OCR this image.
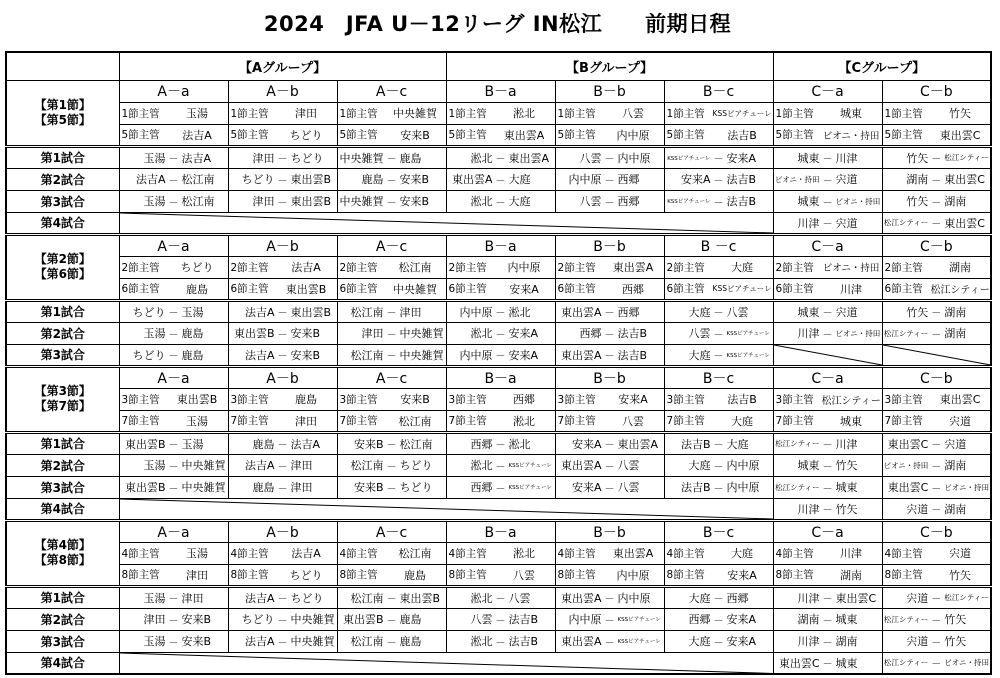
2024　JFA U－12リーグ IN松江　　前期日程
	【Aグループ】			【Bグループ】			【Cグループ】	

【第1節】
【第5節】	A－a	A－b	A－c	B－a	B－b	B－c	C－a	C－b

	1節主管 玉湯	1節主管 津田	1節主管 中央雑賀	1節主管 淞北	1節主管 八雲	1節主管 KSSビアチューレ	1節主管 城東	1節主管 竹矢

	5節主管 法吉A	5節主管 ちどり	5節主管 安来B	5節主管 東出雲A	5節主管 内中原	5節主管 法吉B	5節主管 ビオニ・持田	5節主管 東出雲C

第1試合	玉湯 － 法吉A	津田 － ちどり	中央雑賀 － 鹿島	淞北 － 東出雲A	八雲 － 内中原	KSSビアチューレ － 安来A	城東 － 川津	竹矢 － 松江シティー

第2試合	法吉A － 松江南	ちどり － 東出雲B	鹿島 － 安来B	東出雲A － 大庭	内中原 － 西郷	安来A － 法吉B	ビオニ・持田 － 宍道	湖南 － 東出雲C

第3試合	玉湯 － 松江南	津田 － 東出雲B	中央雑賀 － 安来B	淞北 － 大庭	八雲 － 西郷	KSSビアチューレ － 法吉B	城東 － ビオニ・持田	竹矢 － 湖南

第4試合							川津 － 宍道	松江シティー － 東出雲C

【第2節】
【第6節】	A－a	A－b	A－c	B－a	B－b	B －c	C－a	C－b

	2節主管 ちどり	2節主管 法吉A	2節主管 松江南	2節主管 内中原	2節主管 東出雲A	2節主管 大庭	2節主管 ビオニ・持田	2節主管 湖南

	6節主管 鹿島	6節主管 東出雲B	6節主管 中央雑賀	6節主管 安来A	6節主管 西郷	6節主管 KSSビアチューレ	6節主管 川津	6節主管 松江シティー

第1試合	ちどり － 玉湯	法吉A － 東出雲B	松江南 － 津田	内中原 － 淞北	東出雲A － 西郷	大庭 － 八雲	城東 － 宍道	竹矢 － 湖南

第2試合	玉湯 － 鹿島	東出雲B － 安来B	津田 － 中央雑賀	淞北 － 安来A	西郷 － 法吉B	八雲 － KSSビアチューレ	川津 － ビオニ・持田	松江シティー － 湖南

第3試合	ちどり － 鹿島	法吉A － 安来B	松江南 － 中央雑賀	内中原 － 安来A	東出雲A － 法吉B	大庭 － KSSビアチューレ

【第3節】
【第7節】	A－a	A－b	A－c	B－a	B－b	B－c	C－a	C－b

	3節主管 東出雲B	3節主管 鹿島	3節主管 安来B	3節主管 西郷	3節主管 安来A	3節主管 法吉B	3節主管 松江シティー	3節主管 東出雲C

	7節主管 玉湯	7節主管 津田	7節主管 松江南	7節主管 淞北	7節主管 八雲	7節主管 大庭	7節主管 城東	7節主管 宍道

第1試合	東出雲B － 玉湯	鹿島 － 法吉A	安来B － 松江南	西郷 － 淞北	安来A － 東出雲A	法吉B － 大庭	松江シティー － 川津	東出雲C － 宍道

第2試合	玉湯 － 中央雑賀	法吉A － 津田	松江南 － ちどり	淞北 － KSSビアチューレ	東出雲A － 八雲	大庭 － 内中原	城東 － 竹矢	ビオニ・持田 － 湖南

第3試合	東出雲B － 中央雑賀	鹿島 － 津田	安来B － ちどり	西郷 － KSSビアチューレ	安来A － 八雲	法吉B － 内中原	松江シティー － 城東	東出雲C － ビオニ・持田

第4試合							川津 － 竹矢	宍道 － 湖南

【第4節】
【第8節】	A－a	A－b	A－c	B－a	B－b	B－c	C－a	C－b

	4節主管 玉湯	4節主管 法吉A	4節主管 松江南	4節主管 淞北	4節主管 東出雲A	4節主管 大庭	4節主管 川津	4節主管 宍道

	8節主管 津田	8節主管 ちどり	8節主管 鹿島	8節主管 八雲	8節主管 内中原	8節主管 安来A	8節主管 湖南	8節主管 竹矢

第1試合	玉湯 － 津田	法吉A － ちどり	松江南 － 東出雲B	淞北 － 八雲	東出雲A － 内中原	大庭 － 西郷	川津 － 東出雲C	宍道 － 松江シティー

第2試合	津田 － 安来B	ちどり － 中央雑賀	東出雲B － 鹿島	八雲 － 法吉B	内中原 － KSSビアチューレ	西郷 － 安来A	湖南 － 城東	松江シティー － 竹矢

第3試合	玉湯 － 安来B	法吉A － 中央雑賀	松江南 － 鹿島	淞北 － 法吉B	東出雲A － KSSビアチューレ	大庭 － 安来A	川津 － 湖南	宍道 － 竹矢

第4試合							東出雲C － 城東	松江シティー － ビオニ・持田
